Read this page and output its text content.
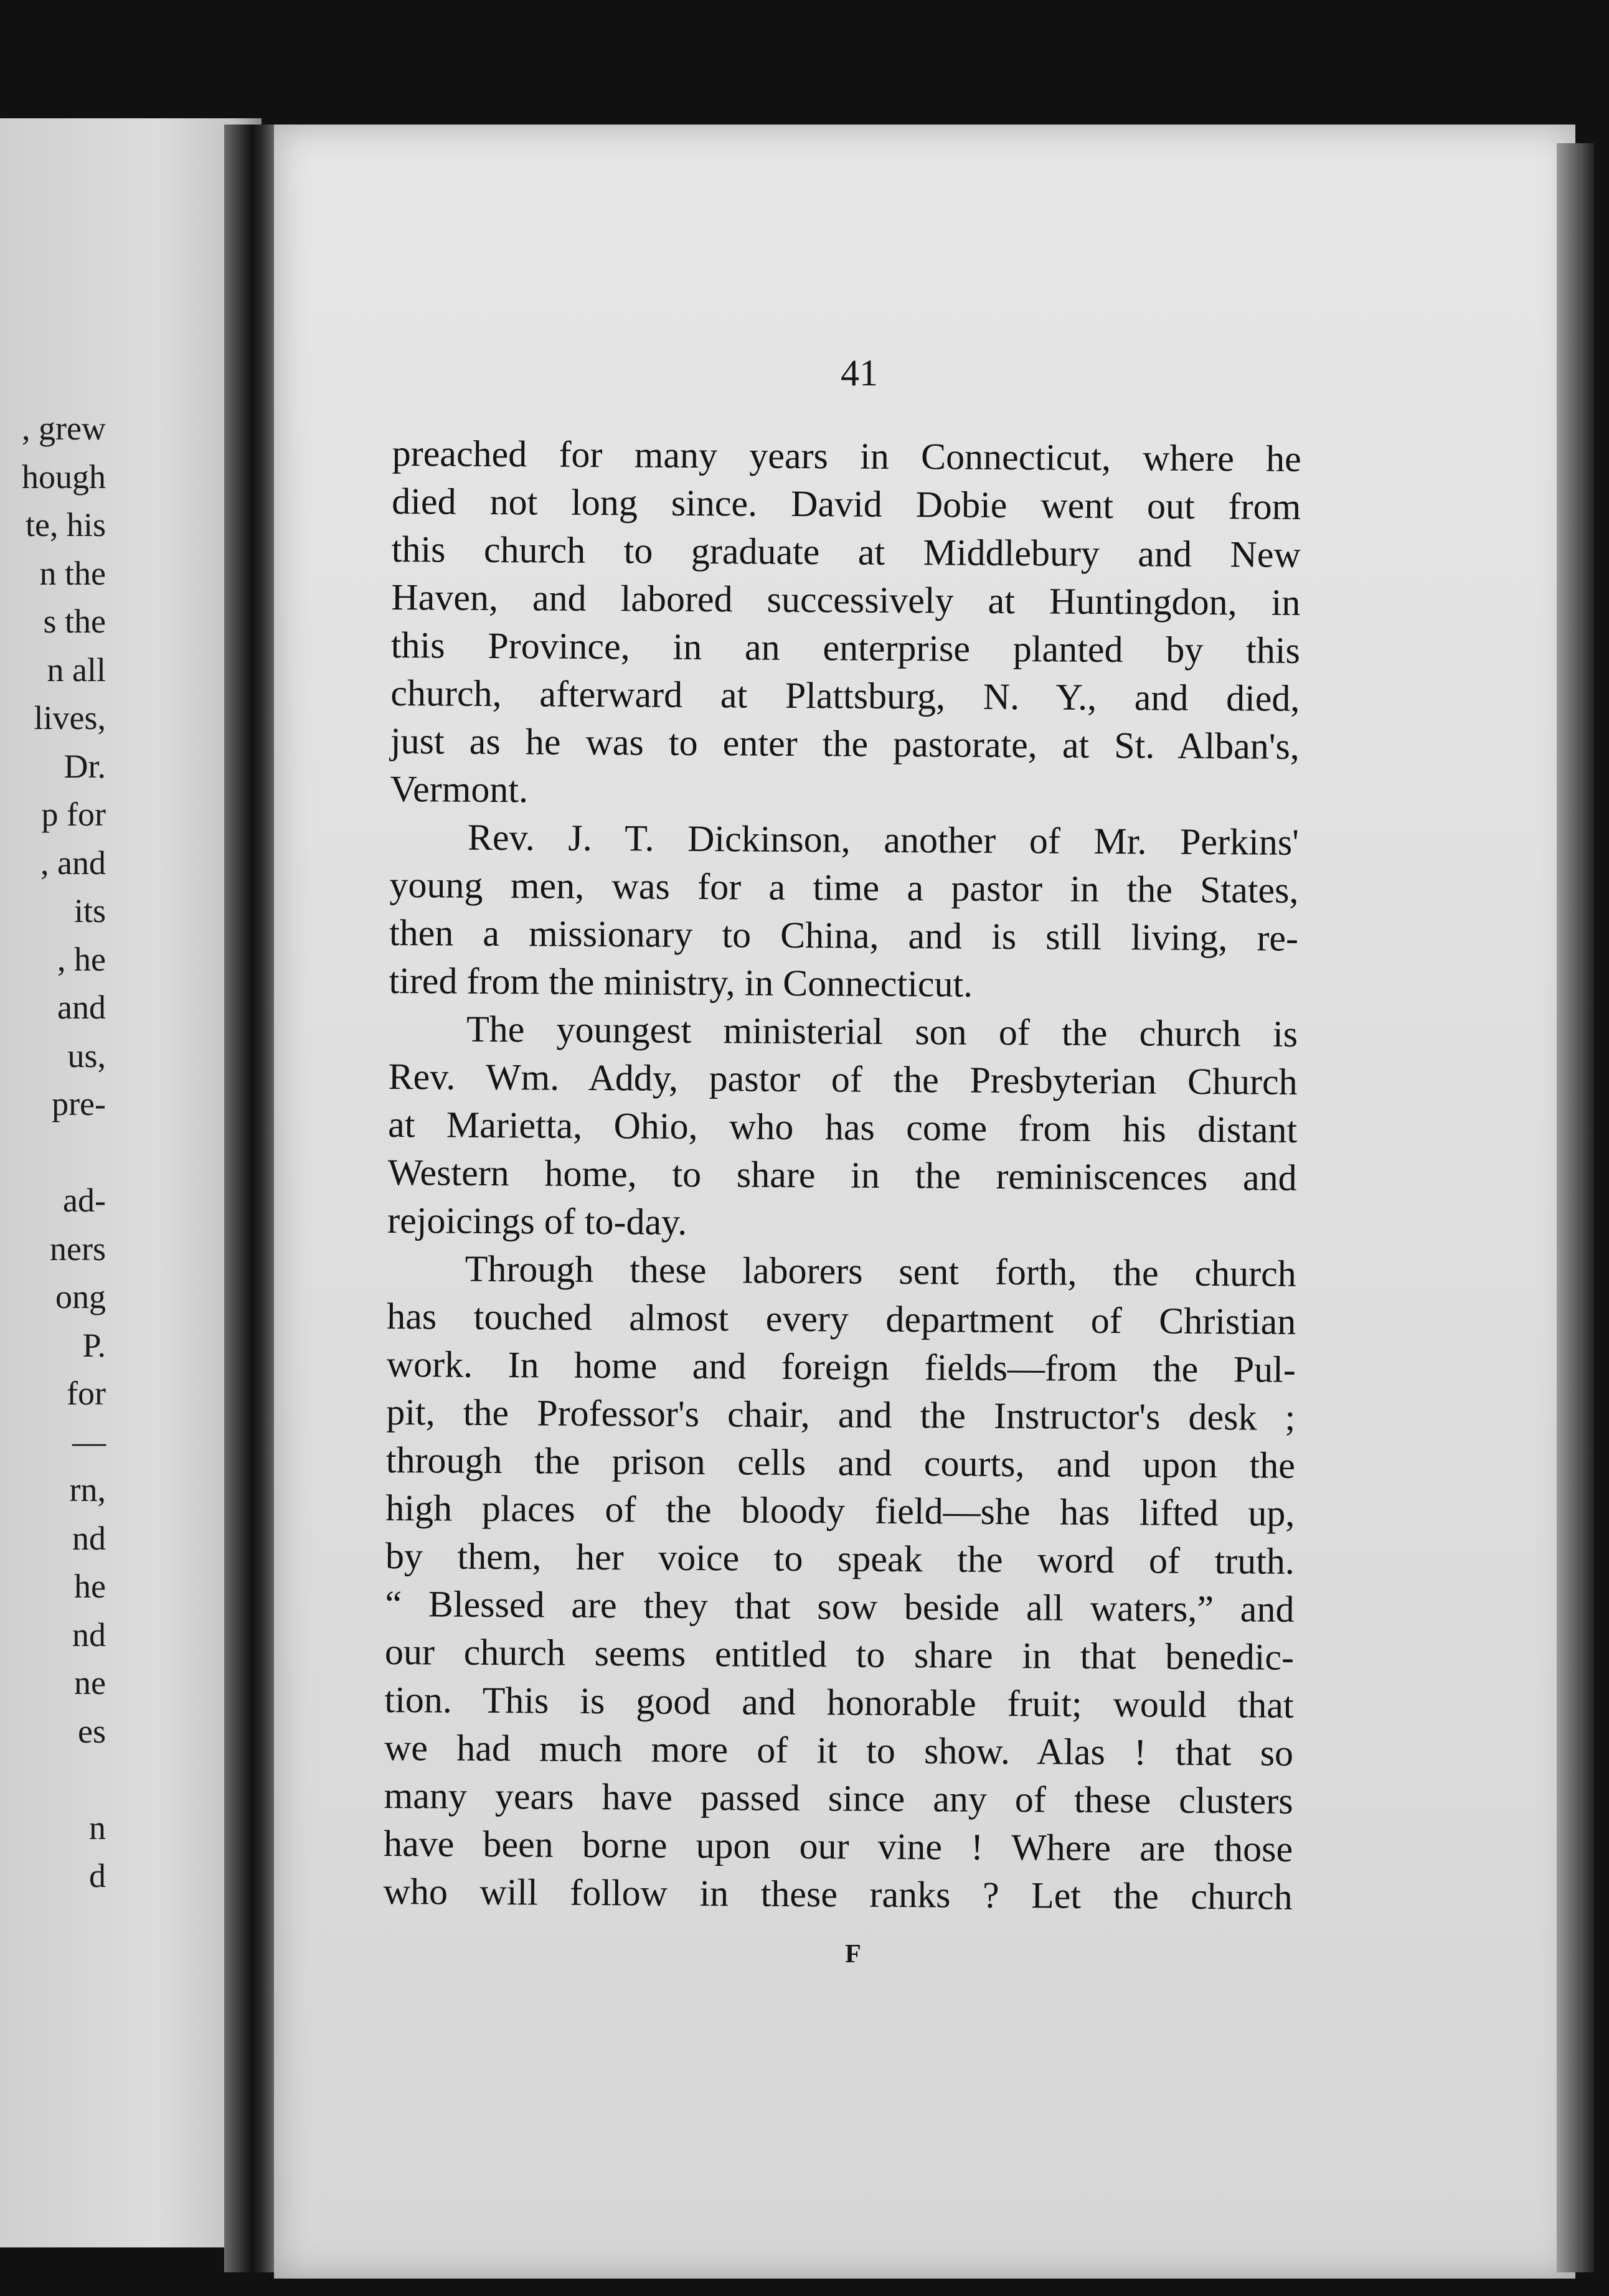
, grew
hough
te, his
n the
s the
n all
lives,
Dr.
p for
, and
its
, he
and
us,
pre-
ad-
ners
ong
P.
for
—
rn,
nd
he
nd
ne
es
n
d
41
preached for many years in Connecticut, where he
died not long since. David Dobie went out from
this church to graduate at Middlebury and New
Haven, and labored successively at Huntingdon, in
this Province, in an enterprise planted by this
church, afterward at Plattsburg, N. Y., and died,
just as he was to enter the pastorate, at St. Alban's,
Vermont.
Rev. J. T. Dickinson, another of Mr. Perkins'
young men, was for a time a pastor in the States,
then a missionary to China, and is still living, re-
tired from the ministry, in Connecticut.
The youngest ministerial son of the church is
Rev. Wm. Addy, pastor of the Presbyterian Church
at Marietta, Ohio, who has come from his distant
Western home, to share in the reminiscences and
rejoicings of to-day.
Through these laborers sent forth, the church
has touched almost every department of Christian
work. In home and foreign fields—from the Pul-
pit, the Professor's chair, and the Instructor's desk ;
through the prison cells and courts, and upon the
high places of the bloody field—she has lifted up,
by them, her voice to speak the word of truth.
“ Blessed are they that sow beside all waters,” and
our church seems entitled to share in that benedic-
tion. This is good and honorable fruit; would that
we had much more of it to show. Alas ! that so
many years have passed since any of these clusters
have been borne upon our vine ! Where are those
who will follow in these ranks ? Let the church
F
